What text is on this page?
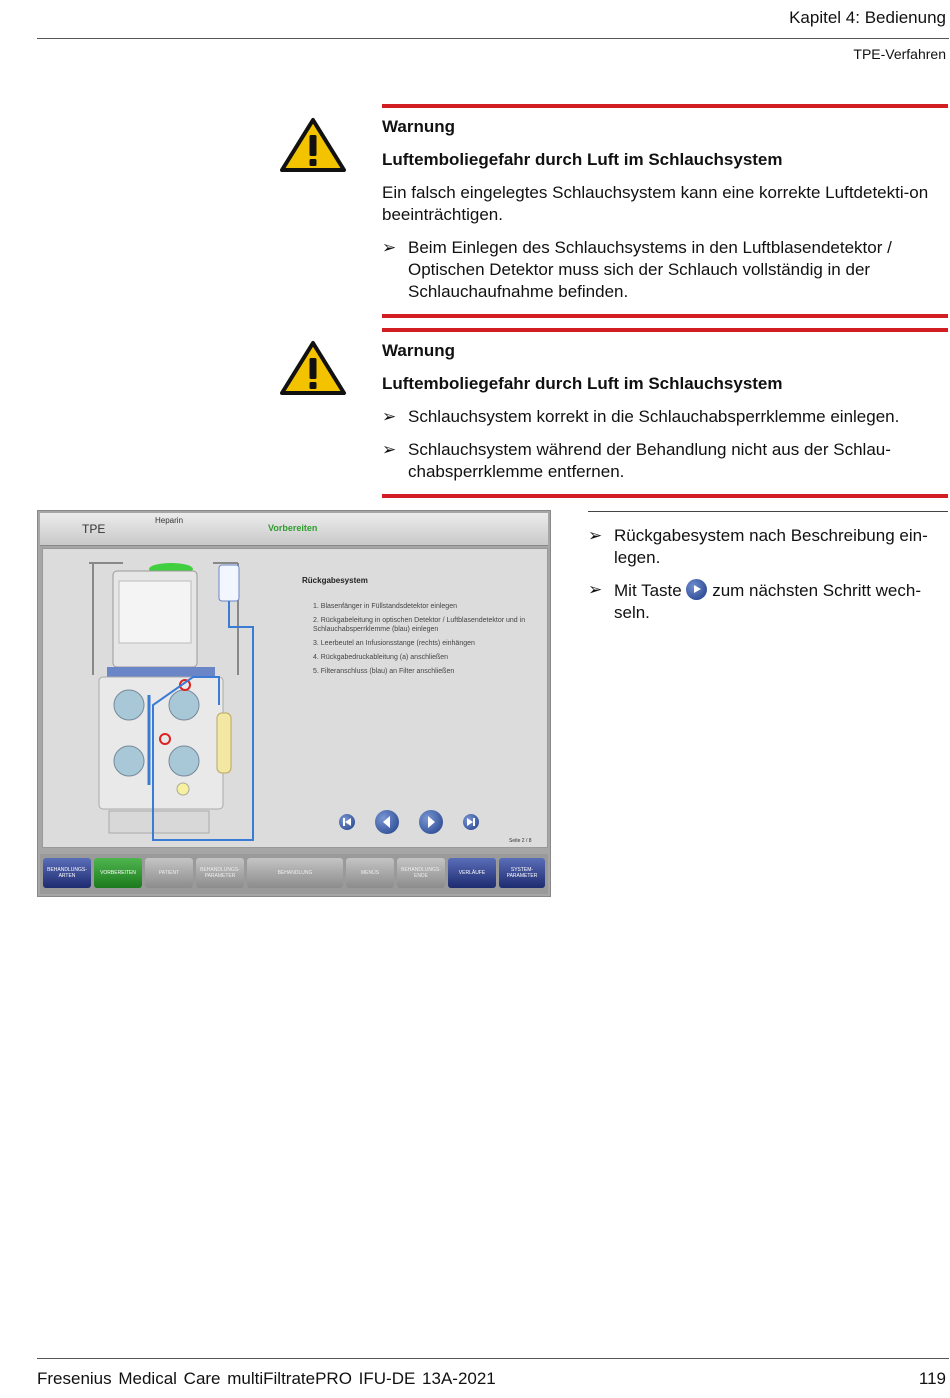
Kapitel 4: Bedienung
TPE-Verfahren
Warnung
Luftemboliegefahr durch Luft im Schlauchsystem
Ein falsch eingelegtes Schlauchsystem kann eine korrekte Luftdetekti-on beeinträchtigen.
➢ Beim Einlegen des Schlauchsystems in den Luftblasendetektor / Optischen Detektor muss sich der Schlauch vollständig in der Schlauchaufnahme befinden.
Warnung
Luftemboliegefahr durch Luft im Schlauchsystem
➢ Schlauchsystem korrekt in die Schlauchabsperrklemme einlegen.
➢ Schlauchsystem während der Behandlung nicht aus der Schlau-chabsperrklemme entfernen.
TPE
Heparin
Vorbereiten
Rückgabesystem
1. Blasenfänger in Füllstandsdetektor einlegen
2. Rückgabeleitung in optischen Detektor / Luftblasendetektor und in Schlauchabsperrklemme (blau) einlegen
3. Leerbeutel an Infusionsstange (rechts) einhängen
4. Rückgabedruckableitung (a) anschließen
5. Filteranschluss (blau) an Filter anschließen
Seite 2 / 8
BEHANDLUNGS-ARTEN	VORBEREITEN	PATIENT	BEHANDLUNGS-PARAMETER	BEHANDLUNG	MENÜS	BEHANDLUNGS-ENDE	VERLÄUFE	SYSTEM-PARAMETER
➢ Rückgabesystem nach Beschreibung ein-legen.
➢ Mit Taste zum nächsten Schritt wech-seln.
Fresenius Medical Care multiFiltratePRO IFU-DE 13A-2021	119
